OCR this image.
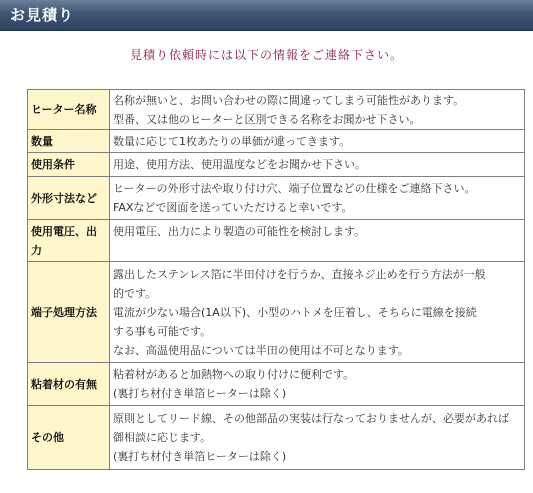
お見積り
見積り依頼時には以下の情報をご連絡下さい。
ヒーター名称	名称が無いと、お問い合わせの際に間違ってしまう可能性があります。
型番、又は他のヒーターと区別できる名称をお聞かせ下さい。

数量	数量に応じて1枚あたりの単価が違ってきます。

使用条件	用途、使用方法、使用温度などをお聞かせ下さい。

外形寸法など	ヒーターの外形寸法や取り付け穴、端子位置などの仕様をご連絡下さい。
FAXなどで図面を送っていただけると幸いです。

使用電圧、出力	使用電圧、出力により製造の可能性を検討します。

端子処理方法	露出したステンレス箔に半田付けを行うか、直接ネジ止めを行う方法が一般
的です。
電流が少ない場合(1A以下)、小型のハトメを圧着し、そちらに電線を接続
する事も可能です。
なお、高温使用品については半田の使用は不可となります。

粘着材の有無	粘着材があると加熱物への取り付けに便利です。
(裏打ち材付き単箔ヒーターは除く)

その他	原則としてリード線、その他部品の実装は行なっておりませんが、必要があれば
御相談に応じます。
(裏打ち材付き単箔ヒーターは除く)
